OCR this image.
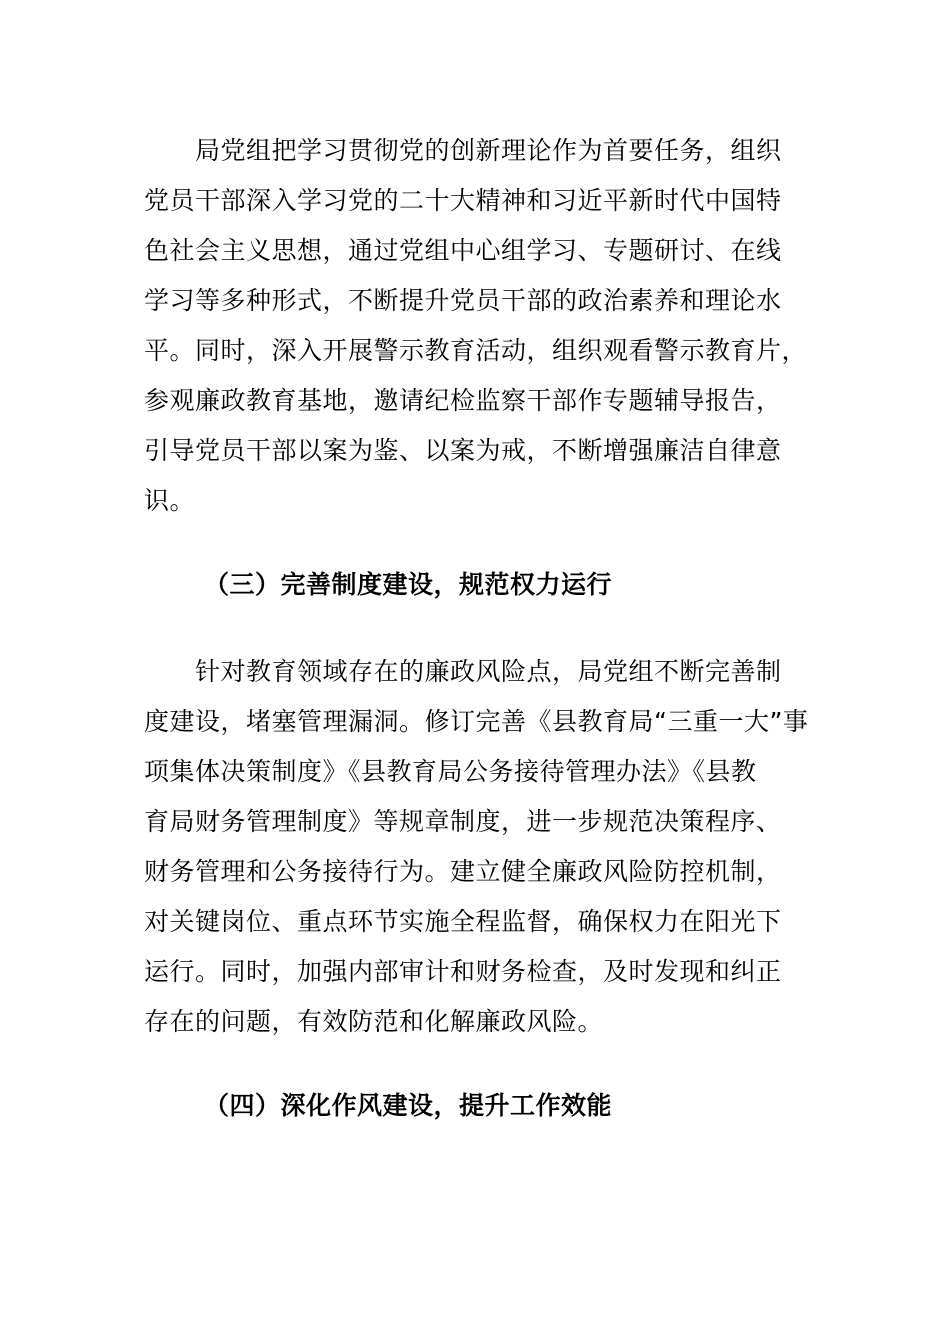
局党组把学习贯彻党的创新理论作为首要任务，组织
党员干部深入学习党的二十大精神和习近平新时代中国特
色社会主义思想，通过党组中心组学习、专题研讨、在线
学习等多种形式，不断提升党员干部的政治素养和理论水
平。同时，深入开展警示教育活动，组织观看警示教育片，
参观廉政教育基地，邀请纪检监察干部作专题辅导报告，
引导党员干部以案为鉴、以案为戒，不断增强廉洁自律意
识。
（三）完善制度建设，规范权力运行
针对教育领域存在的廉政风险点，局党组不断完善制
度建设，堵塞管理漏洞。修订完善《县教育局“三重一大”事
项集体决策制度》《县教育局公务接待管理办法》《县教
育局财务管理制度》等规章制度，进一步规范决策程序、
财务管理和公务接待行为。建立健全廉政风险防控机制，
对关键岗位、重点环节实施全程监督，确保权力在阳光下
运行。同时，加强内部审计和财务检查，及时发现和纠正
存在的问题，有效防范和化解廉政风险。
（四）深化作风建设，提升工作效能
